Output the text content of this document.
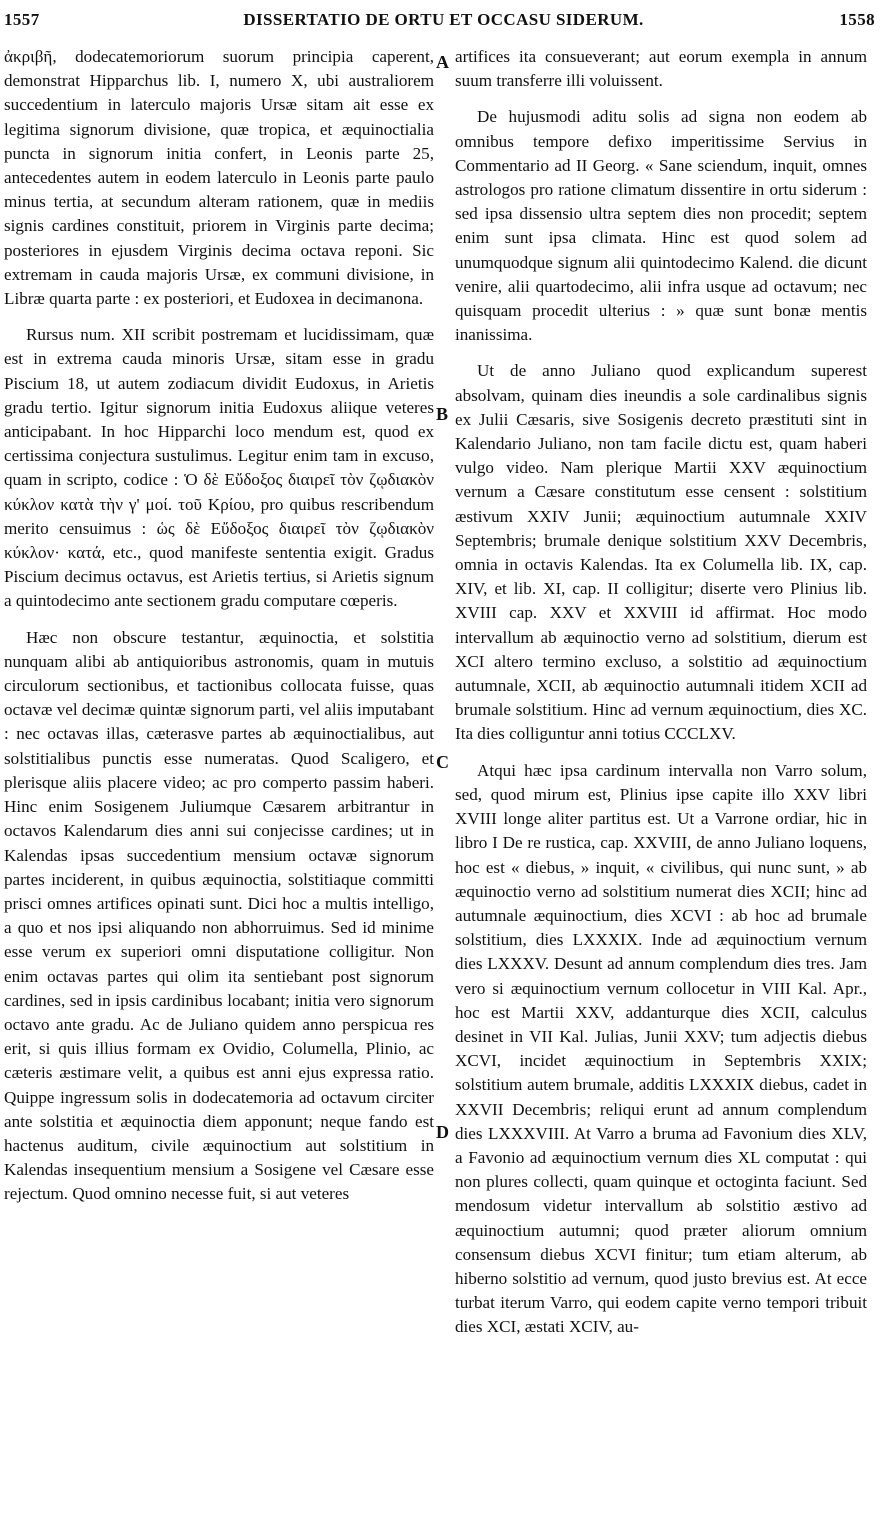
1557	DISSERTATIO DE ORTU ET OCCASU SIDERUM.	1558

ἀκριβῆ, dodecatemoriorum suorum principia caperent, demonstrat Hipparchus lib. I, numero X, ubi australiorem succedentium in laterculo majoris Ursæ sitam ait esse ex legitima signorum divisione, quæ tropica, et æquinoctialia puncta in signorum initia confert, in Leonis parte 25, antecedentes autem in eodem laterculo in Leonis parte paulo minus tertia, at secundum alteram rationem, quæ in mediis signis cardines constituit, priorem in Virginis parte decima; posteriores in ejusdem Virginis decima octava reponi. Sic extremam in cauda majoris Ursæ, ex communi divisione, in Libræ quarta parte : ex posteriori, et Eudoxea in decimanona.

Rursus num. XII scribit postremam et lucidissimam, quæ est in extrema cauda minoris Ursæ, sitam esse in gradu Piscium 18, ut autem zodiacum dividit Eudoxus, in Arietis gradu tertio. Igitur signorum initia Eudoxus aliique veteres anticipabant. In hoc Hipparchi loco mendum est, quod ex certissima conjectura sustulimus. Legitur enim tam in excuso, quam in scripto, codice : Ὁ δὲ Εὔδοξος διαιρεῖ τὸν ζῳδιακὸν κύκλον κατὰ τὴν γ' μοί. τοῦ Κρίου, pro quibus rescribendum merito censuimus : ὡς δὲ Εὔδοξος διαιρεῖ τὸν ζῳδιακὸν κύκλον· κατά, etc., quod manifeste sententia exigit. Gradus Piscium decimus octavus, est Arietis tertius, si Arietis signum a quintodecimo ante sectionem gradu computare cœperis.

Hæc non obscure testantur, æquinoctia, et solstitia nunquam alibi ab antiquioribus astronomis, quam in mutuis circulorum sectionibus, et tactionibus collocata fuisse, quas octavæ vel decimæ quintæ signorum parti, vel aliis imputabant : nec octavas illas, cæterasve partes ab æquinoctialibus, aut solstitialibus punctis esse numeratas. Quod Scaligero, et plerisque aliis placere video; ac pro comperto passim haberi. Hinc enim Sosigenem Juliumque Cæsarem arbitrantur in octavos Kalendarum dies anni sui conjecisse cardines; ut in Kalendas ipsas succedentium mensium octavæ signorum partes inciderent, in quibus æquinoctia, solstitiaque committi prisci omnes artifices opinati sunt. Dici hoc a multis intelligo, a quo et nos ipsi aliquando non abhorruimus. Sed id minime esse verum ex superiori omni disputatione colligitur. Non enim octavas partes qui olim ita sentiebant post signorum cardines, sed in ipsis cardinibus locabant; initia vero signorum octavo ante gradu. Ac de Juliano quidem anno perspicua res erit, si quis illius formam ex Ovidio, Columella, Plinio, ac cæteris æstimare velit, a quibus est anni ejus expressa ratio. Quippe ingressum solis in dodecatemoria ad octavum circiter ante solstitia et æquinoctia diem apponunt; neque fando est hactenus auditum, civile æquinoctium aut solstitium in Kalendas insequentium mensium a Sosigene vel Cæsare esse rejectum. Quod omnino necesse fuit, si aut veteres

A
B
C
D

artifices ita consueverant; aut eorum exempla in annum suum transferre illi voluissent.

De hujusmodi aditu solis ad signa non eodem ab omnibus tempore defixo imperitissime Servius in Commentario ad II Georg. « Sane sciendum, inquit, omnes astrologos pro ratione climatum dissentire in ortu siderum : sed ipsa dissensio ultra septem dies non procedit; septem enim sunt ipsa climata. Hinc est quod solem ad unumquodque signum alii quintodecimo Kalend. die dicunt venire, alii quartodecimo, alii infra usque ad octavum; nec quisquam procedit ulterius : » quæ sunt bonæ mentis inanissima.

Ut de anno Juliano quod explicandum superest absolvam, quinam dies ineundis a sole cardinalibus signis ex Julii Cæsaris, sive Sosigenis decreto præstituti sint in Kalendario Juliano, non tam facile dictu est, quam haberi vulgo video. Nam plerique Martii XXV æquinoctium vernum a Cæsare constitutum esse censent : solstitium æstivum XXIV Junii; æquinoctium autumnale XXIV Septembris; brumale denique solstitium XXV Decembris, omnia in octavis Kalendas. Ita ex Columella lib. IX, cap. XIV, et lib. XI, cap. II colligitur; diserte vero Plinius lib. XVIII cap. XXV et XXVIII id affirmat. Hoc modo intervallum ab æquinoctio verno ad solstitium, dierum est XCI altero termino excluso, a solstitio ad æquinoctium autumnale, XCII, ab æquinoctio autumnali itidem XCII ad brumale solstitium. Hinc ad vernum æquinoctium, dies XC. Ita dies colliguntur anni totius CCCLXV.

Atqui hæc ipsa cardinum intervalla non Varro solum, sed, quod mirum est, Plinius ipse capite illo XXV libri XVIII longe aliter partitus est. Ut a Varrone ordiar, hic in libro I De re rustica, cap. XXVIII, de anno Juliano loquens, hoc est « diebus, » inquit, « civilibus, qui nunc sunt, » ab æquinoctio verno ad solstitium numerat dies XCII; hinc ad autumnale æquinoctium, dies XCVI : ab hoc ad brumale solstitium, dies LXXXIX. Inde ad æquinoctium vernum dies LXXXV. Desunt ad annum complendum dies tres. Jam vero si æquinoctium vernum collocetur in VIII Kal. Apr., hoc est Martii XXV, addanturque dies XCII, calculus desinet in VII Kal. Julias, Junii XXV; tum adjectis diebus XCVI, incidet æquinoctium in Septembris XXIX; solstitium autem brumale, additis LXXXIX diebus, cadet in XXVII Decembris; reliqui erunt ad annum complendum dies LXXXVIII. At Varro a bruma ad Favonium dies XLV, a Favonio ad æquinoctium vernum dies XL computat : qui non plures collecti, quam quinque et octoginta faciunt. Sed mendosum videtur intervallum ab solstitio æstivo ad æquinoctium autumni; quod præter aliorum omnium consensum diebus XCVI finitur; tum etiam alterum, ab hiberno solstitio ad vernum, quod justo brevius est. At ecce turbat iterum Varro, qui eodem capite verno tempori tribuit dies XCI, æstati XCIV, au-
